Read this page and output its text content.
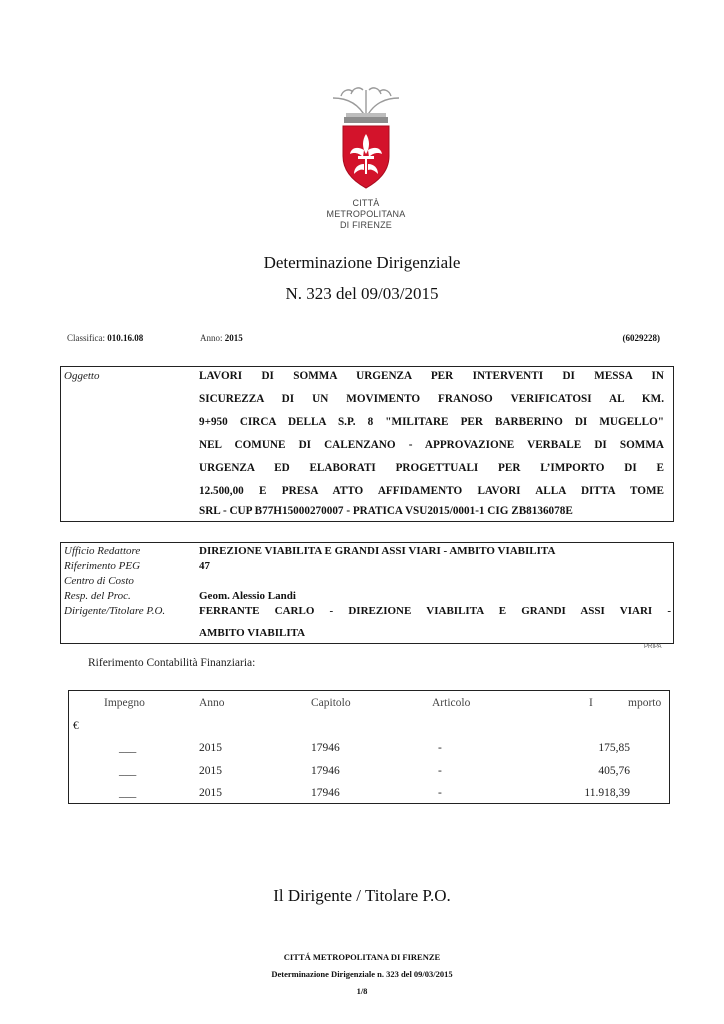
CITTÀ METROPOLITANA
DI FIRENZE
Determinazione Dirigenziale
N. 323 del 09/03/2015
Classifica: 010.16.08	Anno: 2015	(6029228)
Oggetto	LAVORI DI SOMMA URGENZA PER INTERVENTI DI MESSA IN
SICUREZZA DI UN MOVIMENTO FRANOSO VERIFICATOSI AL KM.
9+950 CIRCA DELLA S.P. 8 "MILITARE PER BARBERINO DI MUGELLO"
NEL COMUNE DI CALENZANO - APPROVAZIONE VERBALE DI SOMMA
URGENZA ED ELABORATI PROGETTUALI PER L’IMPORTO DI E
12.500,00 E PRESA ATTO AFFIDAMENTO LAVORI ALLA DITTA TOME
SRL - CUP B77H15000270007 - PRATICA VSU2015/0001-1 CIG ZB8136078E
Ufficio Redattore	DIREZIONE VIABILITA E GRANDI ASSI VIARI - AMBITO VIABILITA
Riferimento PEG	47
Centro di Costo
Resp. del Proc.	Geom. Alessio Landi
Dirigente/Titolare P.O.	FERRANTE CARLO - DIREZIONE VIABILITA E GRANDI ASSI VIARI -
AMBITO VIABILITA
PRIPA
Riferimento Contabilità Finanziaria:
Impegno	Anno	Capitolo	Articolo	I	mporto
€
___	2015	17946	-	175,85
___	2015	17946	-	405,76
___	2015	17946	-	11.918,39
Il Dirigente / Titolare P.O.
CITTÁ METROPOLITANA DI FIRENZE
Determinazione Dirigenziale n. 323 del 09/03/2015
1/8
